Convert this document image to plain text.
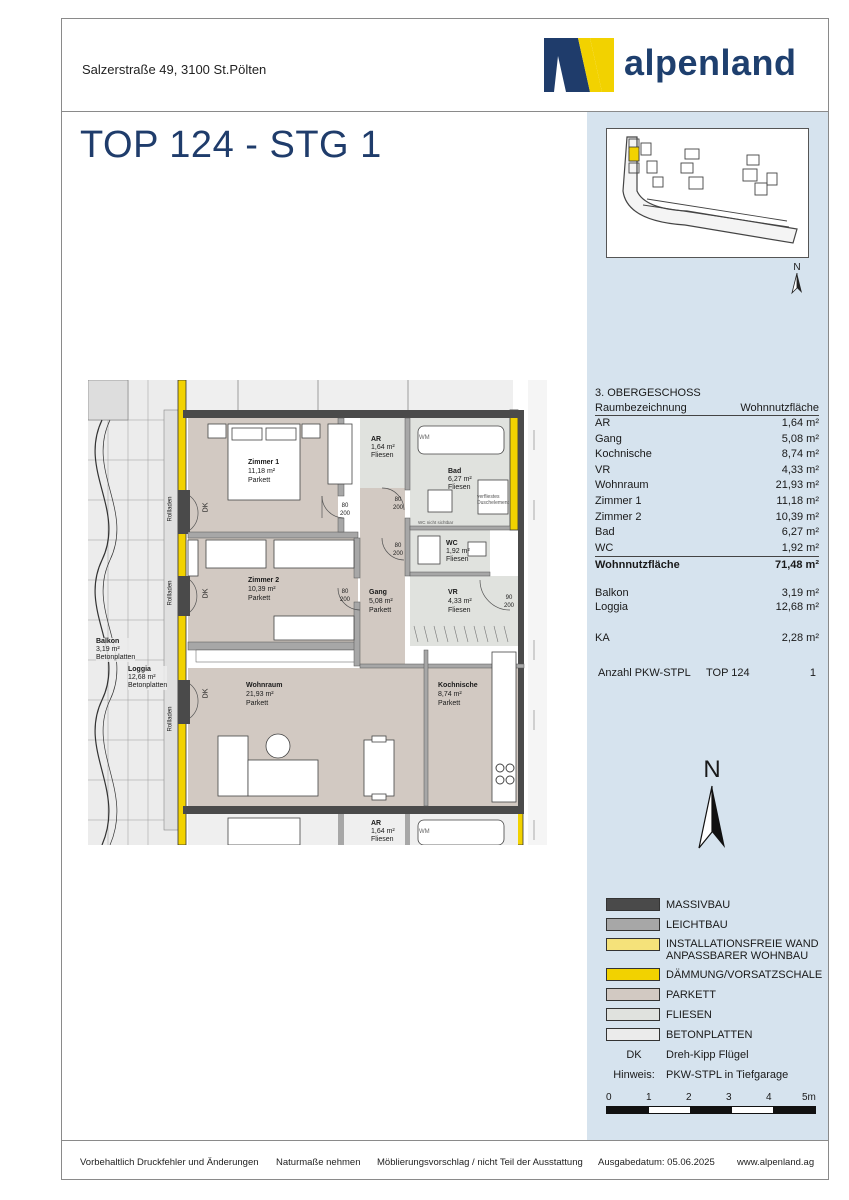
Salzerstraße 49, 3100 St.Pölten	alpenland
TOP 124 - STG 1
N
3. OBERGESCHOSS
Raumbezeichnung	Wohnnutzfläche
AR	1,64 m²
Gang	5,08 m²
Kochnische	8,74 m²
VR	4,33 m²
Wohnraum	21,93 m²
Zimmer 1	11,18 m²
Zimmer 2	10,39 m²
Bad	6,27 m²
WC	1,92 m²
Wohnnutzfläche	71,48 m²
Balkon	3,19 m²
Loggia	12,68 m²
KA	2,28 m²
Anzahl PKW-STPL TOP 124	1
N
MASSIVBAU
LEICHTBAU
INSTALLATIONSFREIE WAND ANPASSBARER WOHNBAU
DÄMMUNG/VORSATZSCHALE
PARKETT
FLIESEN
BETONPLATTEN
DK	Dreh-Kipp Flügel
Hinweis:	PKW-STPL in Tiefgarage
0	1	2	3	4	5m
Vorbehaltlich Druckfehler und Änderungen Naturmaße nehmen Möblierungsvorschlag / nicht Teil der Ausstattung Ausgabedatum: 05.06.2025 www.alpenland.ag
Zimmer 1
11,18 m²
Parkett
AR
1,64 m²
Fliesen
Bad
6,27 m²
Fliesen
verfliestes Duschelement
WC nicht sichtbar
WC
1,92 m²
Fliesen
Zimmer 2
10,39 m²
Parkett
Gang
5,08 m²
Parkett
VR
4,33 m²
Fliesen
Wohnraum
21,93 m²
Parkett
Kochnische
8,74 m²
Parkett
Balkon
3,19 m²
Betonplatten
Loggia
12,68 m²
Betonplatten
AR
1,64 m²
Fliesen
WM
WM
80
200
80
200
80
200
80
200	90
200
DK
DK
DK
Rollladen
Rollladen
Rollladen
